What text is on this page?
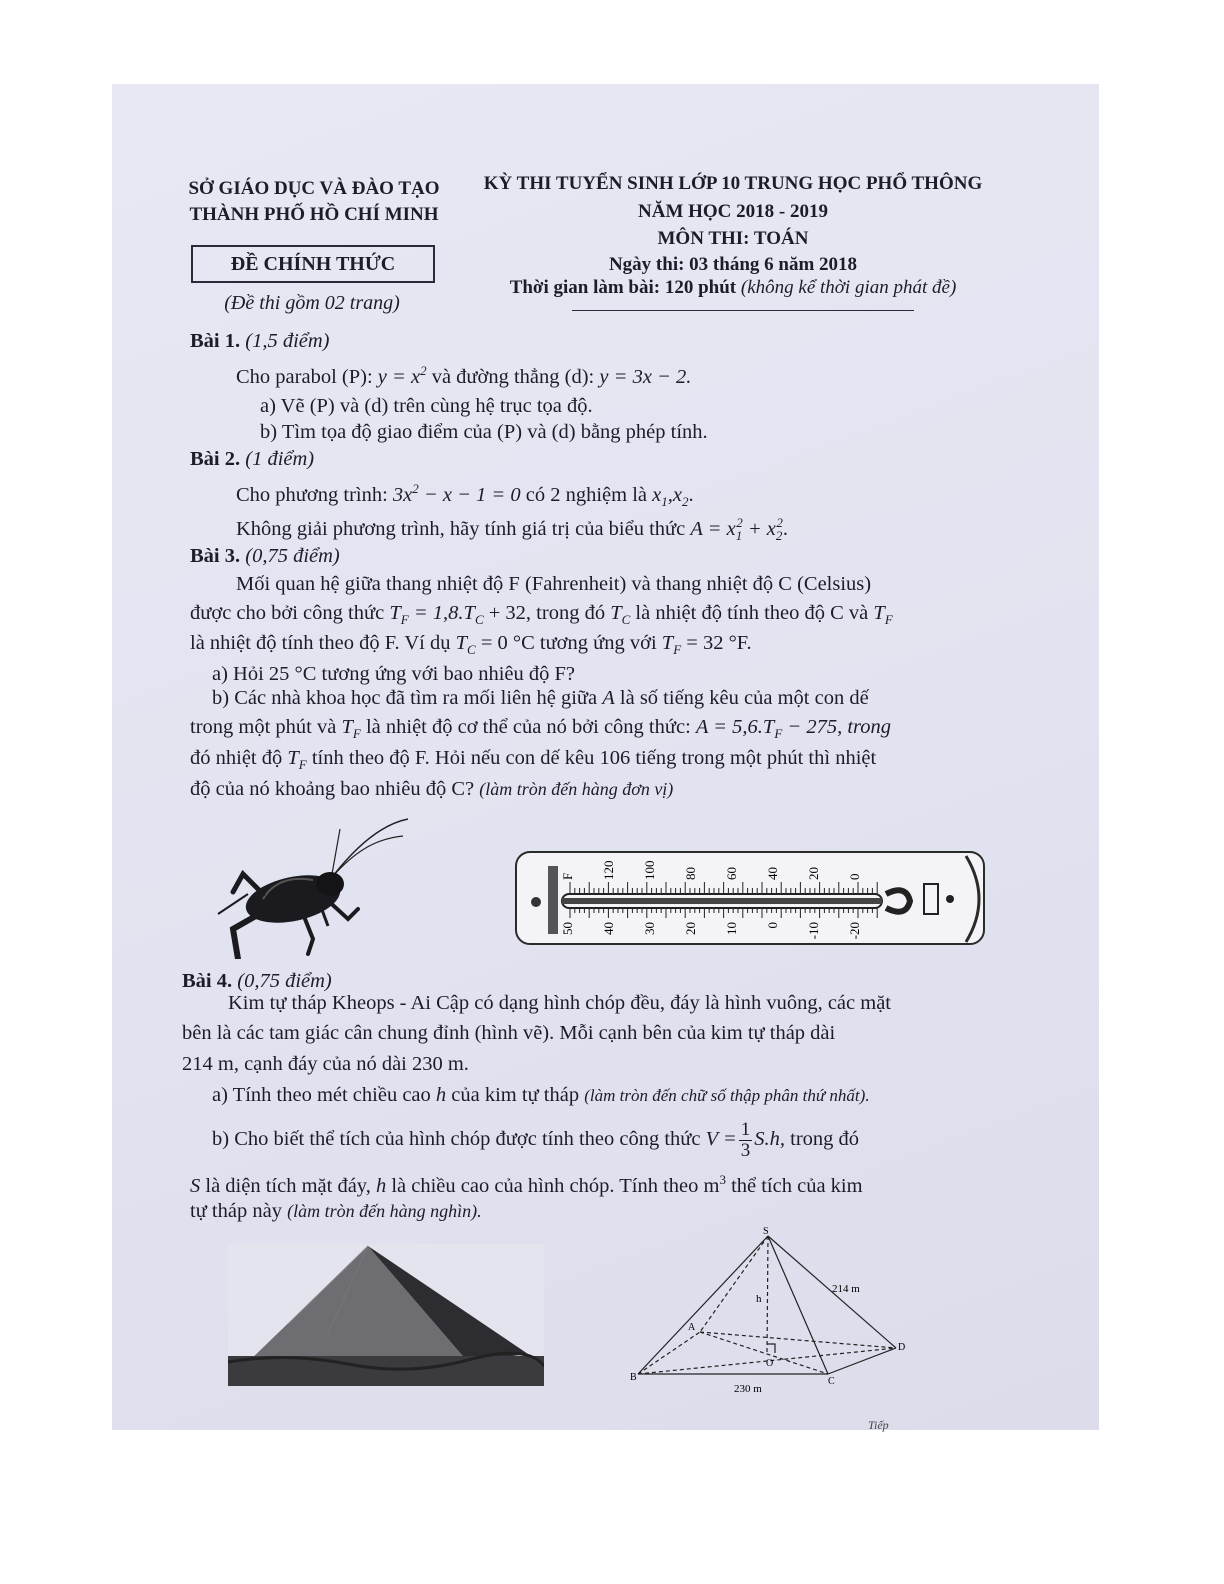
SỞ GIÁO DỤC VÀ ĐÀO TẠO
THÀNH PHỐ HỒ CHÍ MINH
ĐỀ CHÍNH THỨC
(Đề thi gồm 02 trang)
KỲ THI TUYỂN SINH LỚP 10 TRUNG HỌC PHỔ THÔNG
NĂM HỌC 2018 - 2019
MÔN THI: TOÁN
Ngày thi: 03 tháng 6 năm 2018
Thời gian làm bài: 120 phút (không kể thời gian phát đề)
Bài 1. (1,5 điểm)
Cho parabol (P): $y = x^2$ và đường thẳng (d): y = 3x − 2.
a) Vẽ (P) và (d) trên cùng hệ trục tọa độ.
b) Tìm tọa độ giao điểm của (P) và (d) bằng phép tính.
Bài 2. (1 điểm)
Cho phương trình: $3x^2 - x - 1 = 0$ có 2 nghiệm là $x_1,x_2$.
Không giải phương trình, hãy tính giá trị của biểu thức $A = x_1^2 + x_2^2$.
Bài 3. (0,75 điểm)
Mối quan hệ giữa thang nhiệt độ F (Fahrenheit) và thang nhiệt độ C (Celsius)
được cho bởi công thức $T_F = 1,8.T_C + 32$, trong đó $T_C$ là nhiệt độ tính theo độ C và $T_F$
là nhiệt độ tính theo độ F. Ví dụ $T_C = 0$ °C tương ứng với $T_F = 32$ °F.
a) Hỏi 25 °C tương ứng với bao nhiêu độ F?
b) Các nhà khoa học đã tìm ra mối liên hệ giữa A là số tiếng kêu của một con dế
trong một phút và $T_F$ là nhiệt độ cơ thể của nó bởi công thức: $A = 5,6.T_F - 275$, trong
đó nhiệt độ $T_F$ tính theo độ F. Hỏi nếu con dế kêu 106 tiếng trong một phút thì nhiệt
độ của nó khoảng bao nhiêu độ C? (làm tròn đến hàng đơn vị)
F 120 100 80 60 40 20 0
50 40 30 20 10 0 -10 -20
Bài 4. (0,75 điểm)
Kim tự tháp Kheops - Ai Cập có dạng hình chóp đều, đáy là hình vuông, các mặt
bên là các tam giác cân chung đỉnh (hình vẽ). Mỗi cạnh bên của kim tự tháp dài
214 m, cạnh đáy của nó dài 230 m.
a) Tính theo mét chiều cao h của kim tự tháp (làm tròn đến chữ số thập phân thứ nhất).
b) Cho biết thể tích của hình chóp được tính theo công thức $V = \frac{1}{3} S.h$, trong đó
S là diện tích mặt đáy, h là chiều cao của hình chóp. Tính theo $m^3$ thể tích của kim
tự tháp này (làm tròn đến hàng nghìn).
S
A
B	C
D
O
h
214 m
230 m
Tiếp
